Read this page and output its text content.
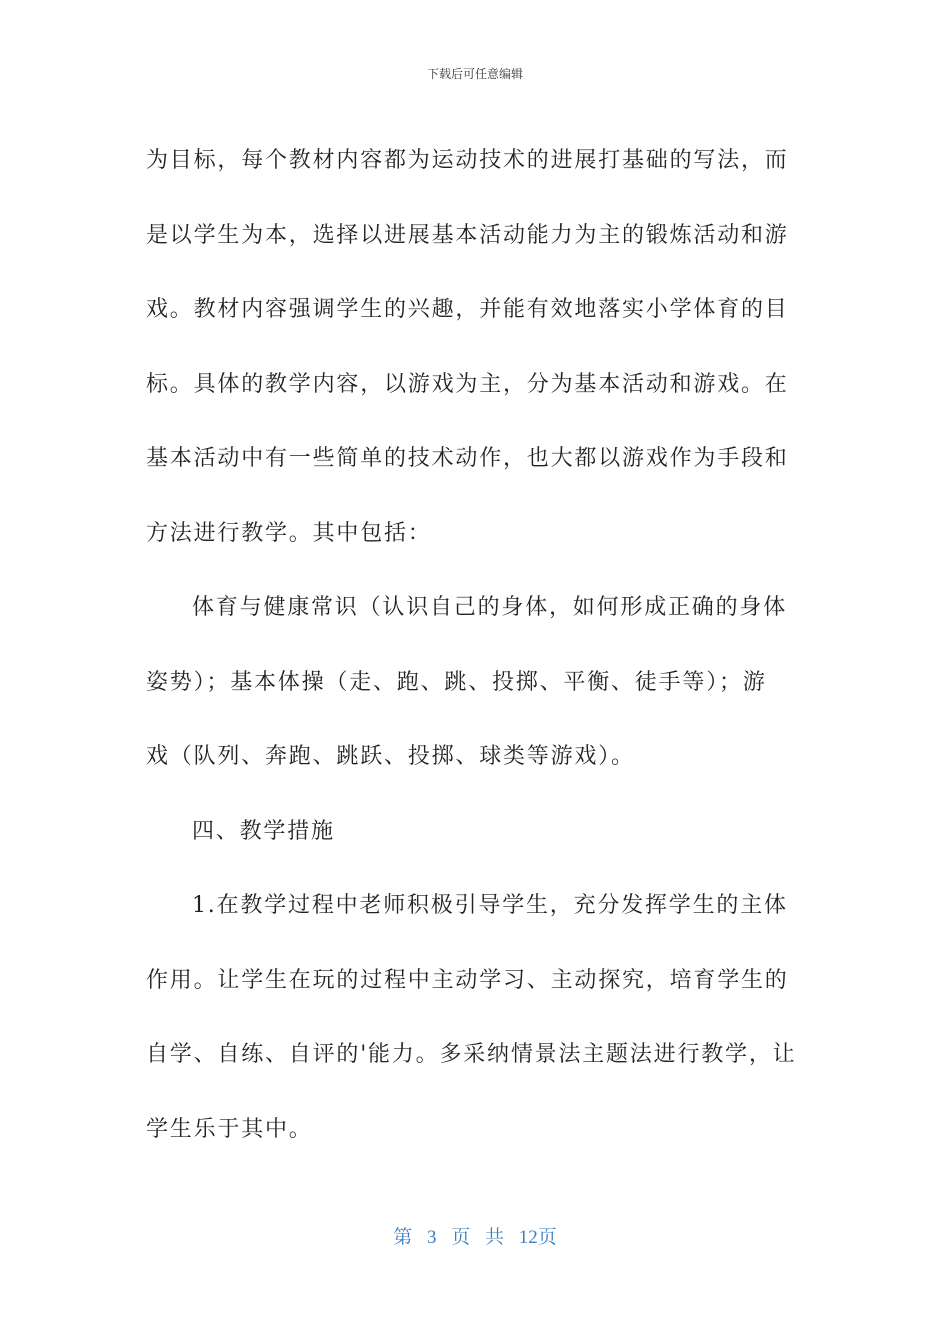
下载后可任意编辑
为目标，每个教材内容都为运动技术的进展打基础的写法，而
是以学生为本，选择以进展基本活动能力为主的锻炼活动和游
戏。教材内容强调学生的兴趣，并能有效地落实小学体育的目
标。具体的教学内容，以游戏为主，分为基本活动和游戏。在
基本活动中有一些简单的技术动作，也大都以游戏作为手段和
方法进行教学。其中包括：
体育与健康常识（认识自己的身体，如何形成正确的身体
姿势）；基本体操（走、跑、跳、投掷、平衡、徒手等）；游
戏（队列、奔跑、跳跃、投掷、球类等游戏）。
四、教学措施
1.在教学过程中老师积极引导学生，充分发挥学生的主体
作用。让学生在玩的过程中主动学习、主动探究，培育学生的
自学、自练、自评的'能力。多采纳情景法主题法进行教学，让
学生乐于其中。
第 3 页 共 12页
